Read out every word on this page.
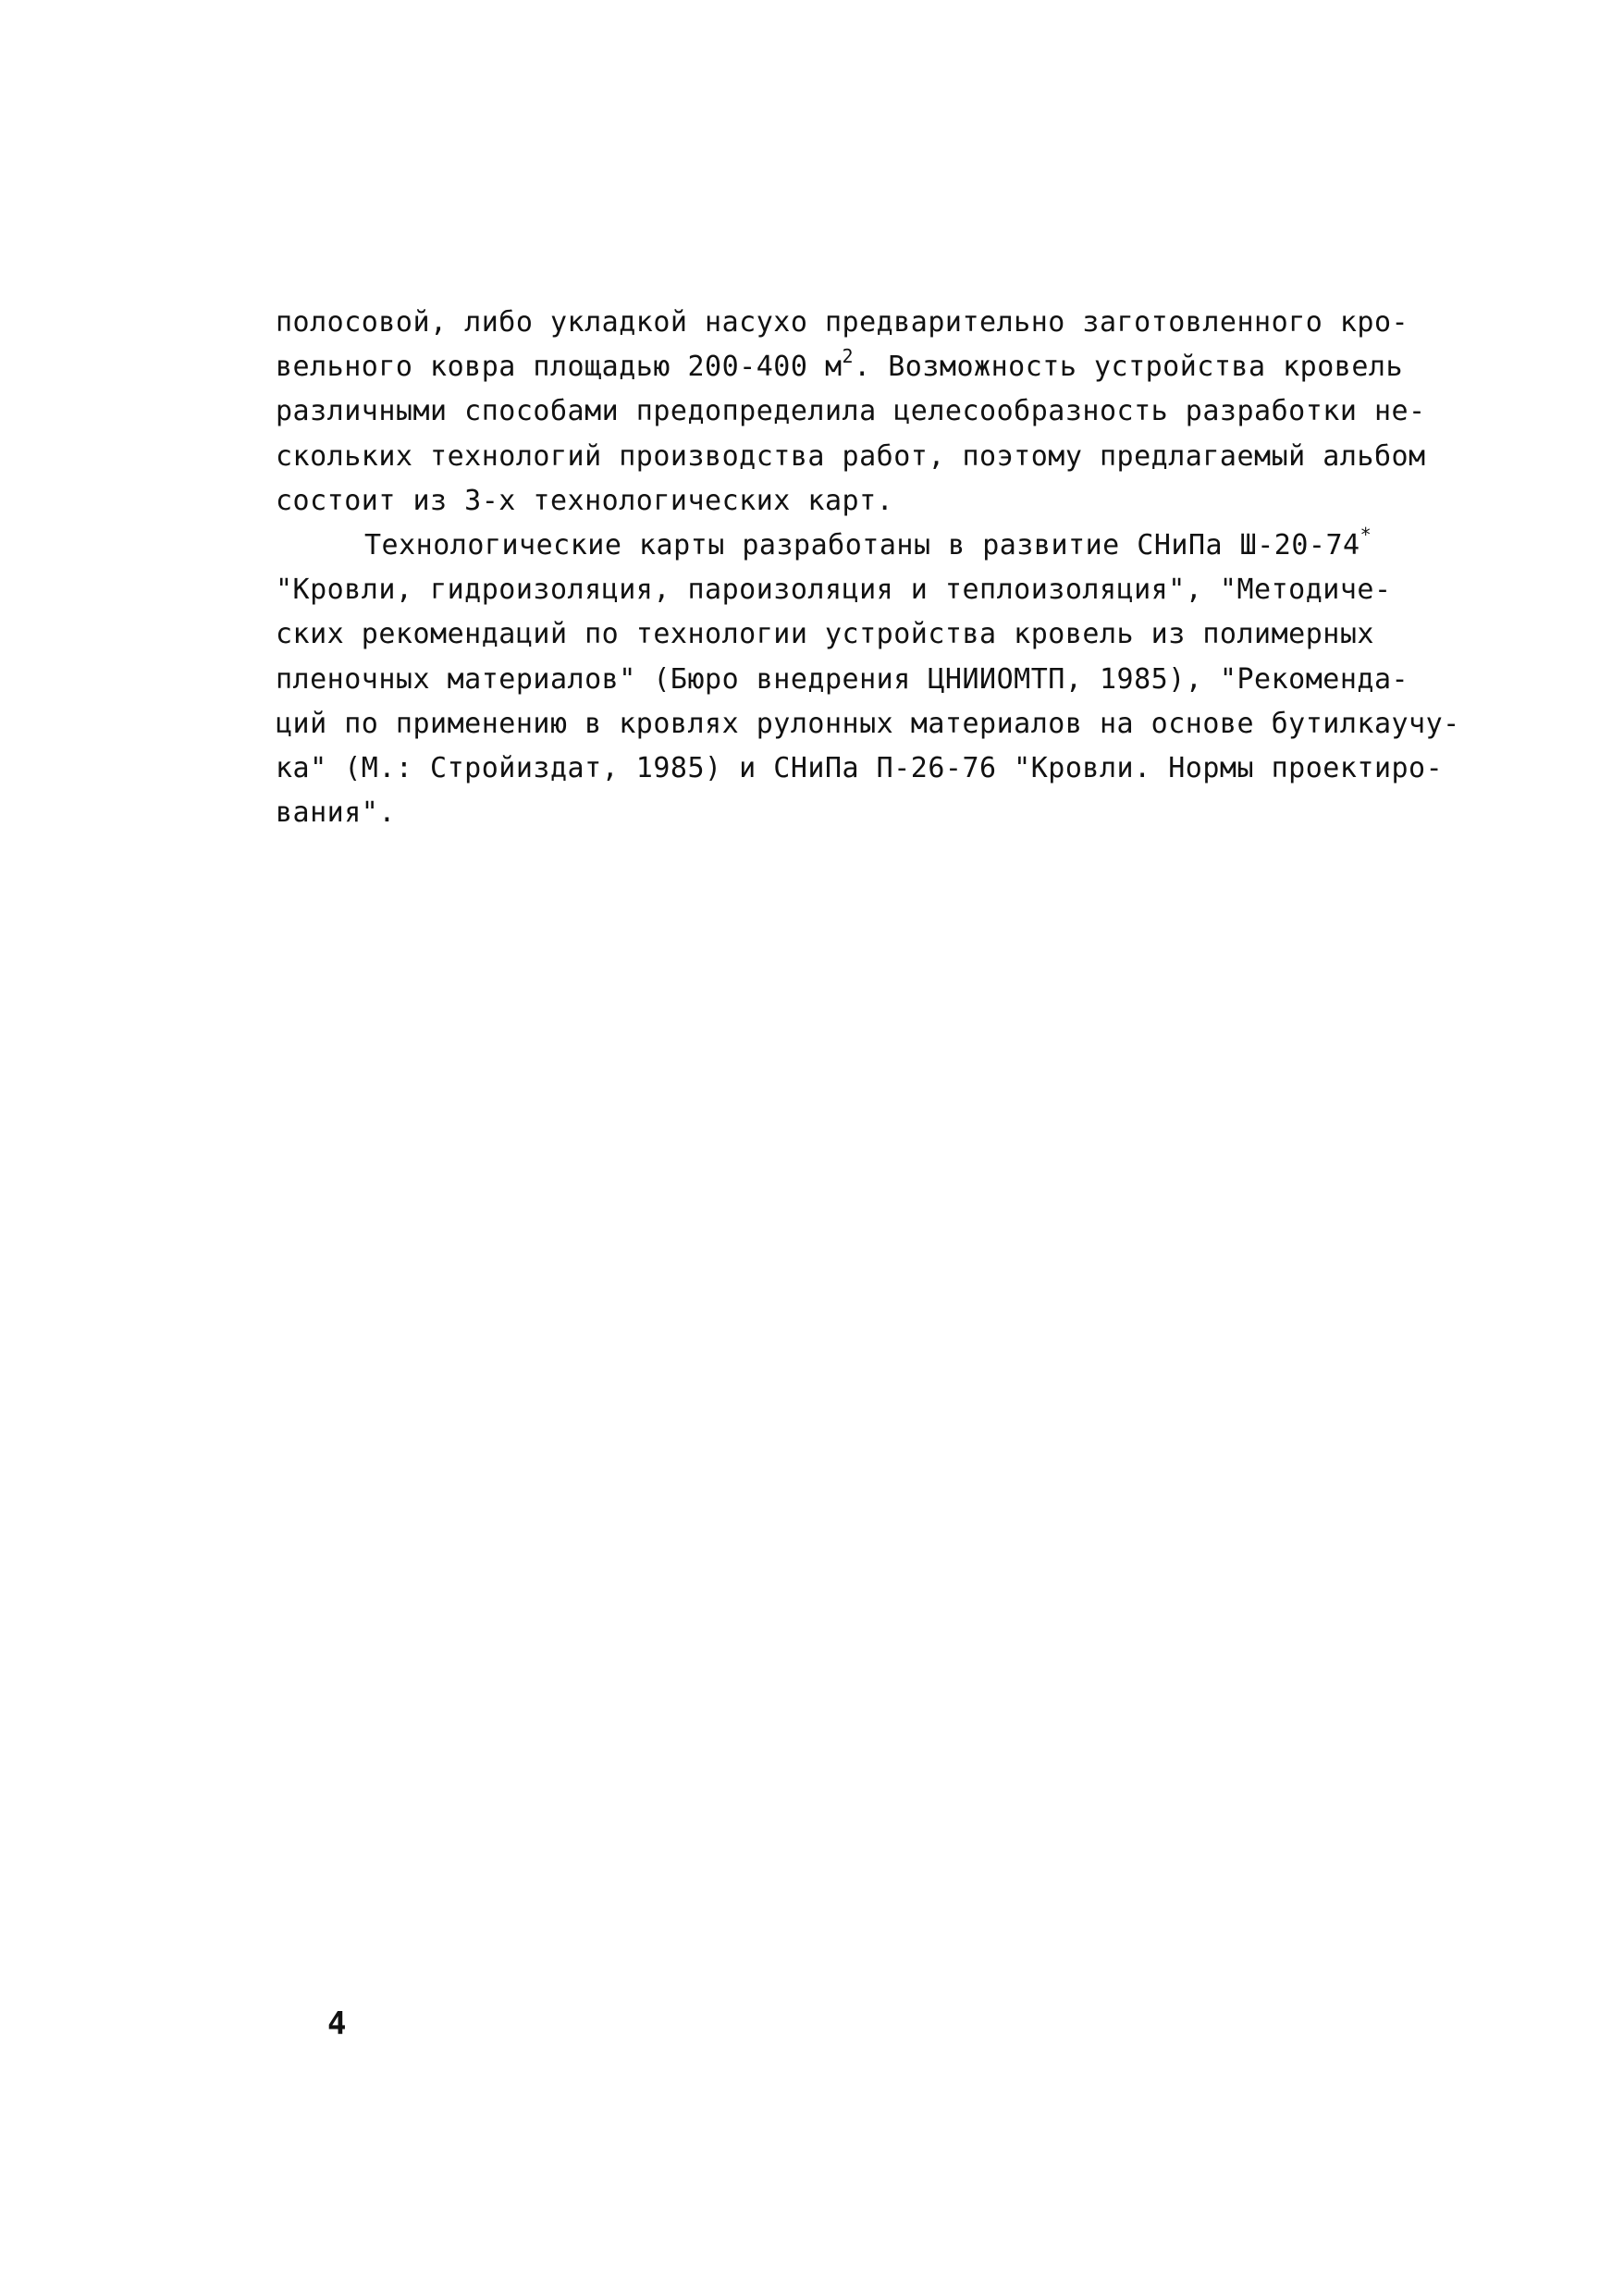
полосовой, либо укладкой насухо предварительно заготовленного кро-
вельного ковра площадью 200-400 $м^2$. Возможность устройства кровель
различными способами предопределила целесообразность разработки не-
скольких технологий производства работ, поэтому предлагаемый альбом
состоит из 3-х технологических карт.
Технологические карты разработаны в развитие СНиПа Ш-20-74*
"Кровли, гидроизоляция, пароизоляция и теплоизоляция", "Методиче-
ских рекомендаций по технологии устройства кровель из полимерных
пленочных материалов" (Бюро внедрения ЦНИИОМТП, 1985), "Рекоменда-
ций по применению в кровлях рулонных материалов на основе бутилкаучу-
ка" (М.: Стройиздат, 1985) и СНиПа П-26-76 "Кровли. Нормы проектиро-
вания".
4
